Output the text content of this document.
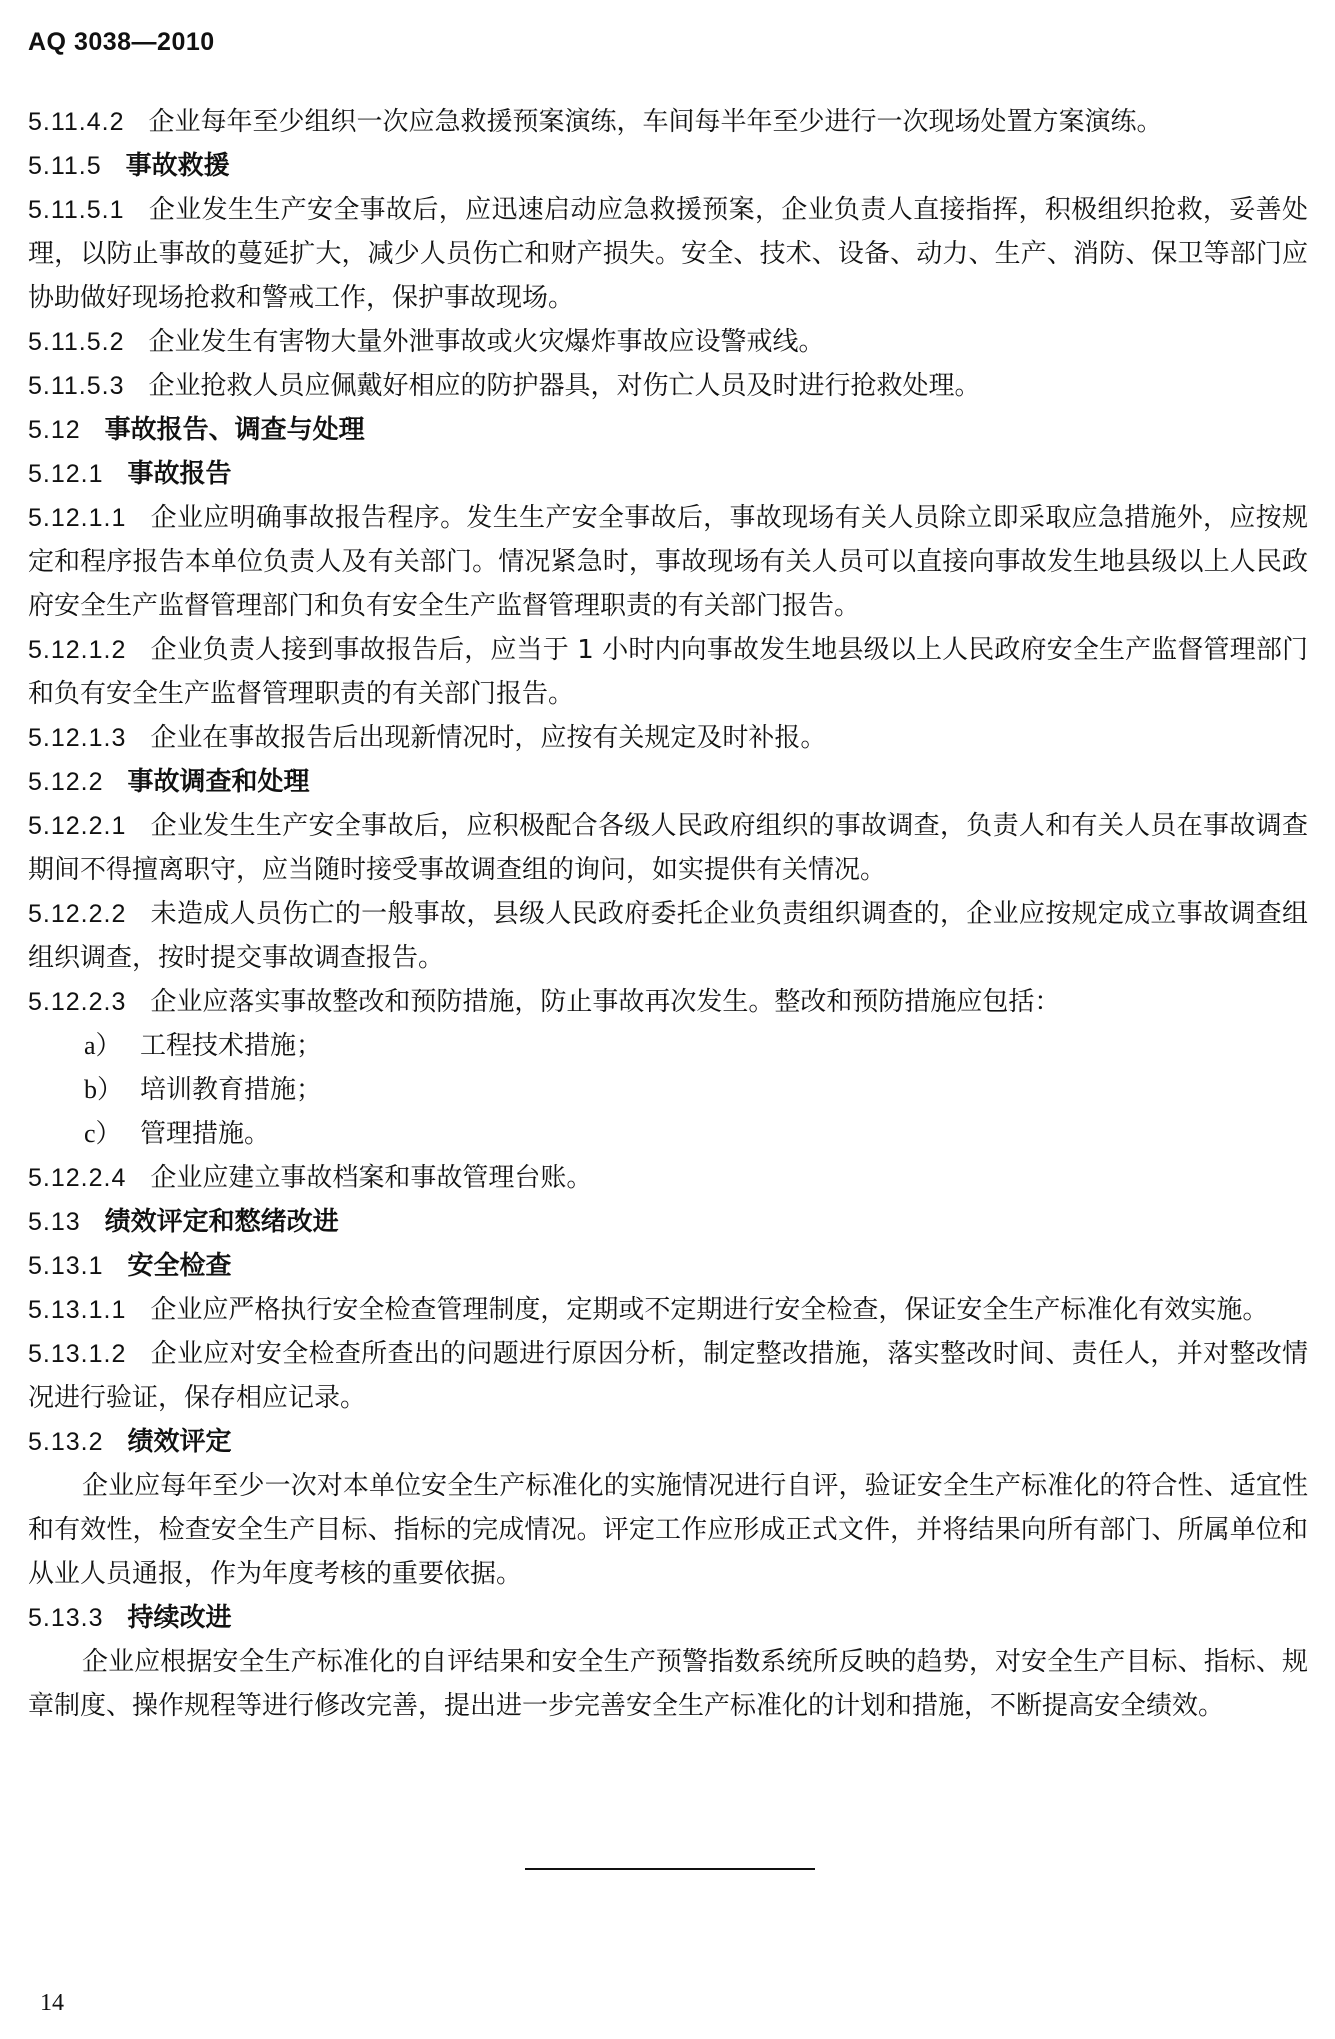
AQ 3038—2010

5.11.4.2 企业每年至少组织一次应急救援预案演练，车间每半年至少进行一次现场处置方案演练。

5.11.5 事故救援

5.11.5.1 企业发生生产安全事故后，应迅速启动应急救援预案，企业负责人直接指挥，积极组织抢救，妥善处理，以防止事故的蔓延扩大，减少人员伤亡和财产损失。安全、技术、设备、动力、生产、消防、保卫等部门应协助做好现场抢救和警戒工作，保护事故现场。

5.11.5.2 企业发生有害物大量外泄事故或火灾爆炸事故应设警戒线。

5.11.5.3 企业抢救人员应佩戴好相应的防护器具，对伤亡人员及时进行抢救处理。

5.12 事故报告、调查与处理

5.12.1 事故报告

5.12.1.1 企业应明确事故报告程序。发生生产安全事故后，事故现场有关人员除立即采取应急措施外，应按规定和程序报告本单位负责人及有关部门。情况紧急时，事故现场有关人员可以直接向事故发生地县级以上人民政府安全生产监督管理部门和负有安全生产监督管理职责的有关部门报告。

5.12.1.2 企业负责人接到事故报告后，应当于 1 小时内向事故发生地县级以上人民政府安全生产监督管理部门和负有安全生产监督管理职责的有关部门报告。

5.12.1.3 企业在事故报告后出现新情况时，应按有关规定及时补报。

5.12.2 事故调查和处理

5.12.2.1 企业发生生产安全事故后，应积极配合各级人民政府组织的事故调查，负责人和有关人员在事故调查期间不得擅离职守，应当随时接受事故调查组的询问，如实提供有关情况。

5.12.2.2 未造成人员伤亡的一般事故，县级人民政府委托企业负责组织调查的，企业应按规定成立事故调查组组织调查，按时提交事故调查报告。

5.12.2.3 企业应落实事故整改和预防措施，防止事故再次发生。整改和预防措施应包括：

a） 工程技术措施；

b） 培训教育措施；

c） 管理措施。

5.12.2.4 企业应建立事故档案和事故管理台账。

5.13 绩效评定和憗绪改进

5.13.1 安全检查

5.13.1.1 企业应严格执行安全检查管理制度，定期或不定期进行安全检查，保证安全生产标准化有效实施。

5.13.1.2 企业应对安全检查所查出的问题进行原因分析，制定整改措施，落实整改时间、责任人，并对整改情况进行验证，保存相应记录。

5.13.2 绩效评定

企业应每年至少一次对本单位安全生产标准化的实施情况进行自评，验证安全生产标准化的符合性、适宜性和有效性，检查安全生产目标、指标的完成情况。评定工作应形成正式文件，并将结果向所有部门、所属单位和从业人员通报，作为年度考核的重要依据。

5.13.3 持续改进

企业应根据安全生产标准化的自评结果和安全生产预警指数系统所反映的趋势，对安全生产目标、指标、规章制度、操作规程等进行修改完善，提出进一步完善安全生产标准化的计划和措施，不断提高安全绩效。

14
